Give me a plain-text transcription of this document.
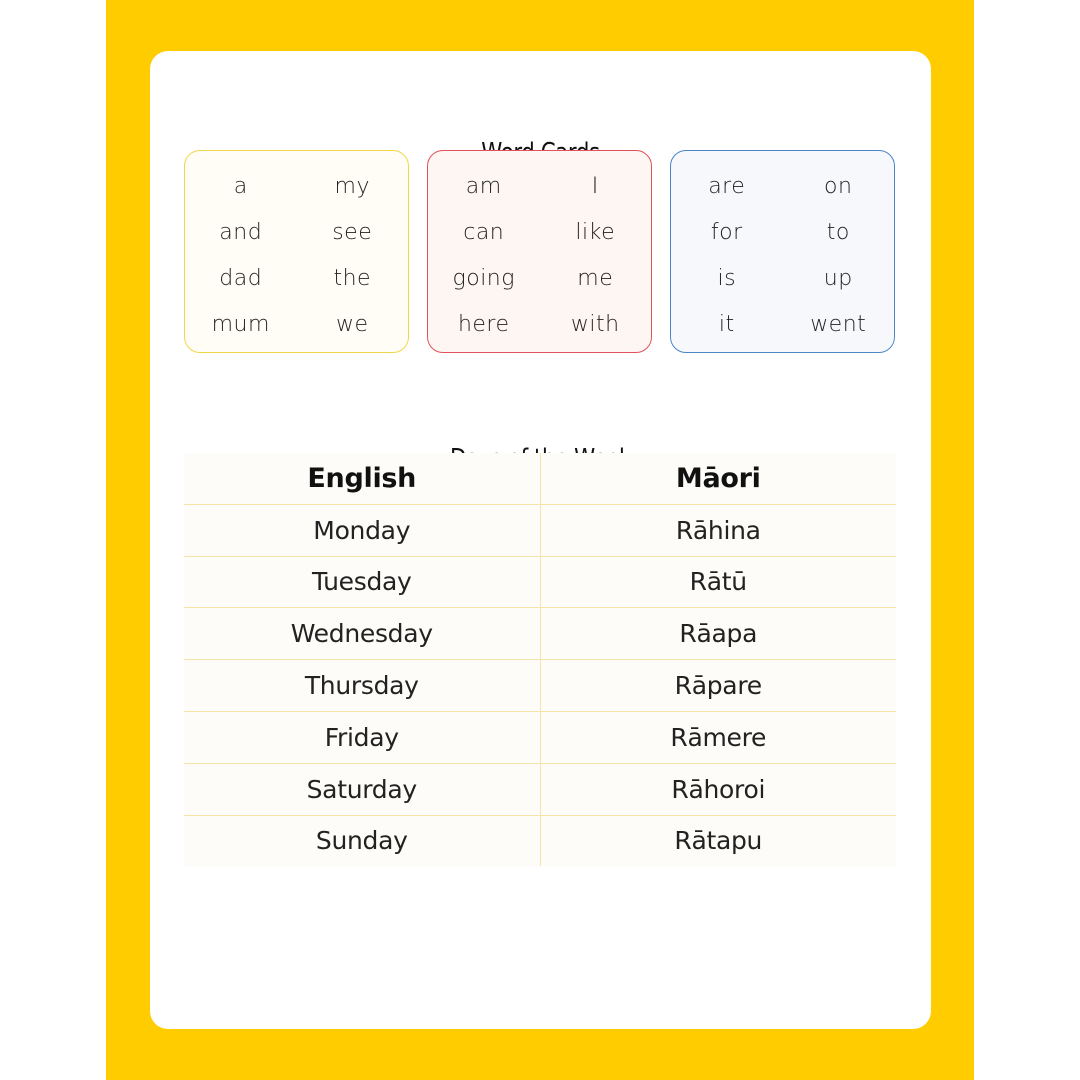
a	my
and	see
dad	the
mum	we
am	I
can	like
going	me
here	with
are	on
for	to
is	up
it	went
English	Māori
Monday	Rāhina
Tuesday	Rātū
Wednesday	Rāapa
Thursday	Rāpare
Friday	Rāmere
Saturday	Rāhoroi
Sunday	Rātapu
